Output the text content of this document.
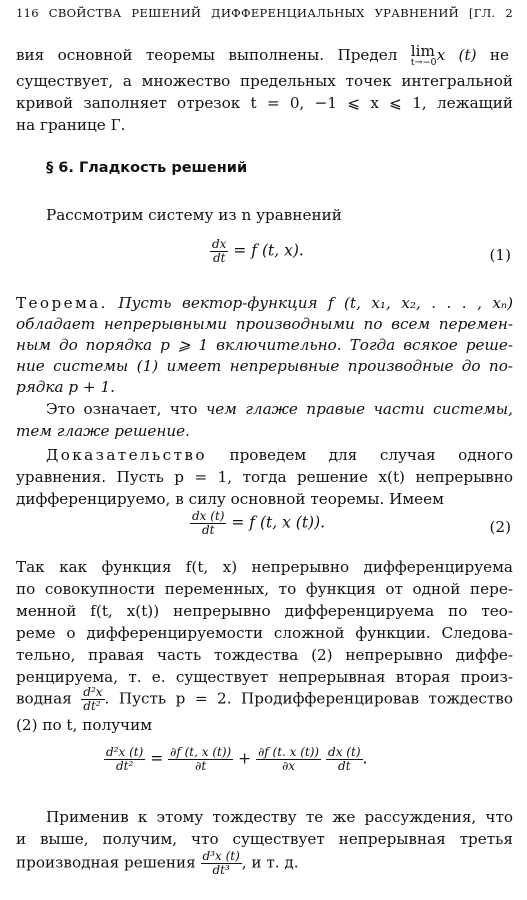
116 СВОЙСТВА РЕШЕНИЙ ДИФФЕРЕНЦИАЛЬНЫХ УРАВНЕНИЙ [ГЛ. 2
вия основной теоремы выполнены. Предел lim
t→−0 x (t) не
существует, а множество предельных точек интегральной
кривой заполняет отрезок t = 0, −1 ⩽ x ⩽ 1, лежащий
на границе Г.
§ 6. Гладкость решений
Рассмотрим систему из n уравнений
$\frac{dx}{dt} = f$ (t, x).	(1)
Теорема. Пусть вектор-функция f (t, x₁, x₂, . . . , xₙ)
обладает непрерывными производными по всем перемен-
ным до порядка p ⩾ 1 включительно. Тогда всякое реше-
ние системы (1) имеет непрерывные производные до по-
рядка p + 1.
Это означает, что чем глаже правые части системы,
тем глаже решение.
Доказательство проведем для случая одного
уравнения. Пусть p = 1, тогда решение x(t) непрерывно
дифференцируемо, в силу основной теоремы. Имеем
$\frac{dx (t)}{dt} = f$ (t, x (t)).	(2)
Так как функция f(t, x) непрерывно дифференцируема
по совокупности переменных, то функция от одной пере-
менной f(t, x(t)) непрерывно дифференцируема по тео-
реме о дифференцируемости сложной функции. Следова-
тельно, правая часть тождества (2) непрерывно диффе-
ренцируема, т. е. существует непрерывная вторая произ-
водная $\frac{\text{d²x}}{\text{dt²}}$ . Пусть p = 2. Продифференцировав тождество
(2) по t, получим
$\frac{\text{d²x (t)}}{\text{dt²}} = \frac{\partial f (t, x (t))}{\partial t} + \frac{\partial f (t. x (t))}{\partial x}$
$\frac{dx (t)}{dt}$ .
Применив к этому тождеству те же рассуждения, что
и выше, получим, что существует непрерывная третья
производная решения $\frac{\text{d³x (t)}}{\text{dt³}}$ , и т. д.
